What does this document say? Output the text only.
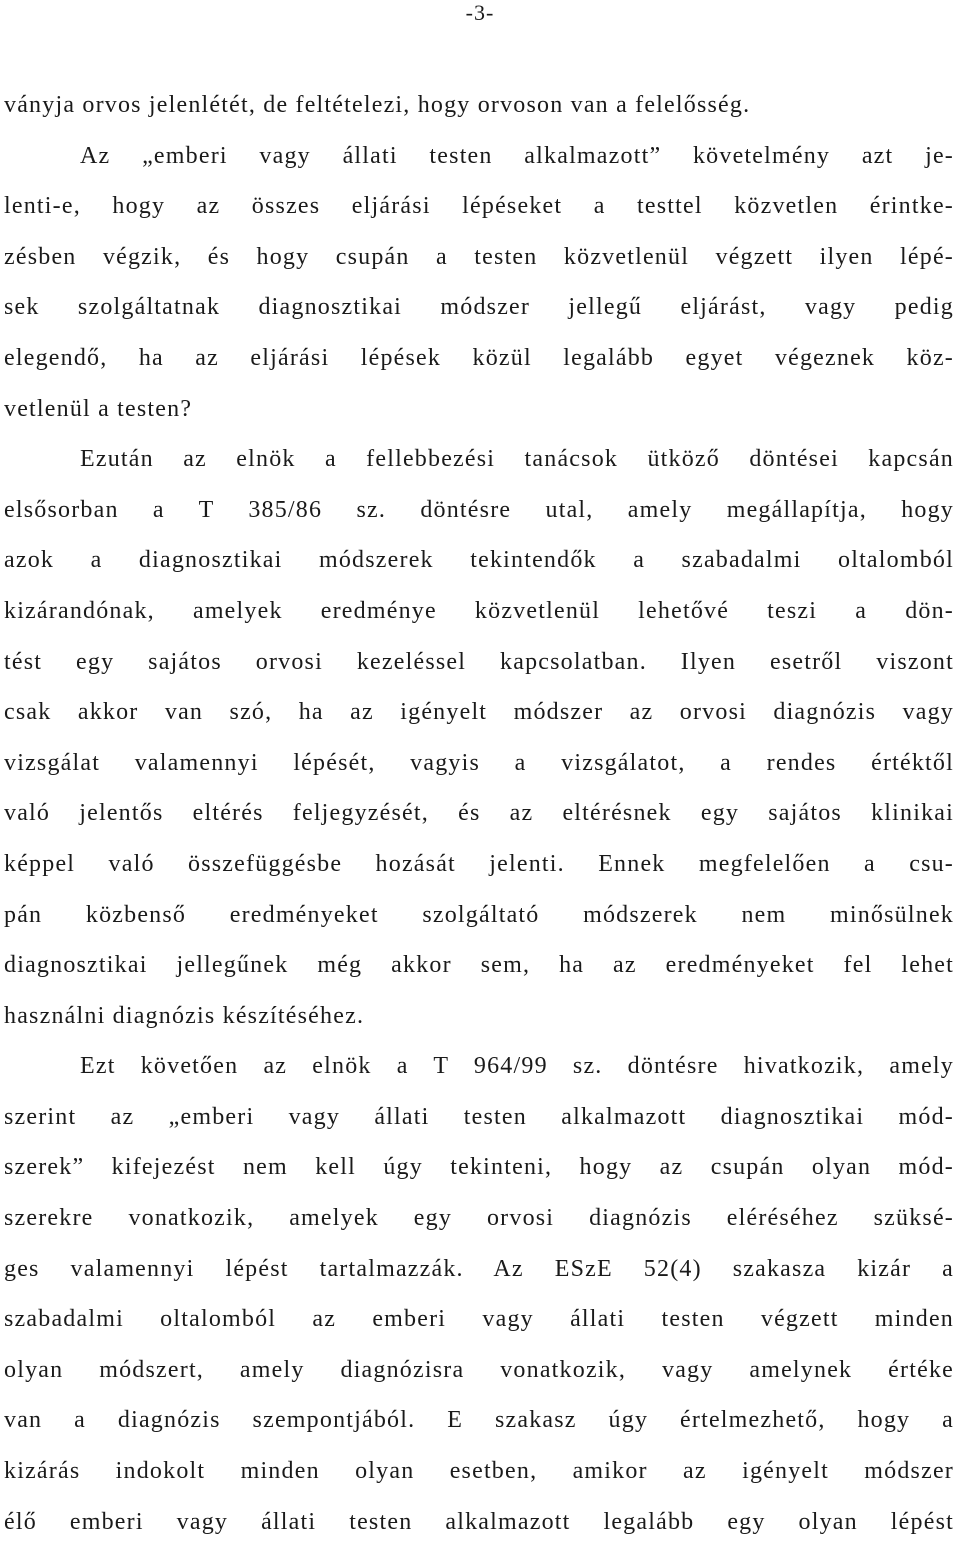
-3-
ványja orvos jelenlétét, de feltételezi, hogy orvoson van a felelősség.
Az „emberi vagy állati testen alkalmazott” követelmény azt je-
lenti-e, hogy az összes eljárási lépéseket a testtel közvetlen érintke-
zésben végzik, és hogy csupán a testen közvetlenül végzett ilyen lépé-
sek szolgáltatnak diagnosztikai módszer jellegű eljárást, vagy pedig
elegendő, ha az eljárási lépések közül legalább egyet végeznek köz-
vetlenül a testen?
Ezután az elnök a fellebbezési tanácsok ütköző döntései kapcsán
elsősorban a T 385/86 sz. döntésre utal, amely megállapítja, hogy
azok a diagnosztikai módszerek tekintendők a szabadalmi oltalomból
kizárandónak, amelyek eredménye közvetlenül lehetővé teszi a dön-
tést egy sajátos orvosi kezeléssel kapcsolatban. Ilyen esetről viszont
csak akkor van szó, ha az igényelt módszer az orvosi diagnózis vagy
vizsgálat valamennyi lépését, vagyis a vizsgálatot, a rendes értéktől
való jelentős eltérés feljegyzését, és az eltérésnek egy sajátos klinikai
képpel való összefüggésbe hozását jelenti. Ennek megfelelően a csu-
pán közbenső eredményeket szolgáltató módszerek nem minősülnek
diagnosztikai jellegűnek még akkor sem, ha az eredményeket fel lehet
használni diagnózis készítéséhez.
Ezt követően az elnök a T 964/99 sz. döntésre hivatkozik, amely
szerint az „emberi vagy állati testen alkalmazott diagnosztikai mód-
szerek” kifejezést nem kell úgy tekinteni, hogy az csupán olyan mód-
szerekre vonatkozik, amelyek egy orvosi diagnózis eléréséhez szüksé-
ges valamennyi lépést tartalmazzák. Az ESzE 52(4) szakasza kizár a
szabadalmi oltalomból az emberi vagy állati testen végzett minden
olyan módszert, amely diagnózisra vonatkozik, vagy amelynek értéke
van a diagnózis szempontjából. E szakasz úgy értelmezhető, hogy a
kizárás indokolt minden olyan esetben, amikor az igényelt módszer
élő emberi vagy állati testen alkalmazott legalább egy olyan lépést
